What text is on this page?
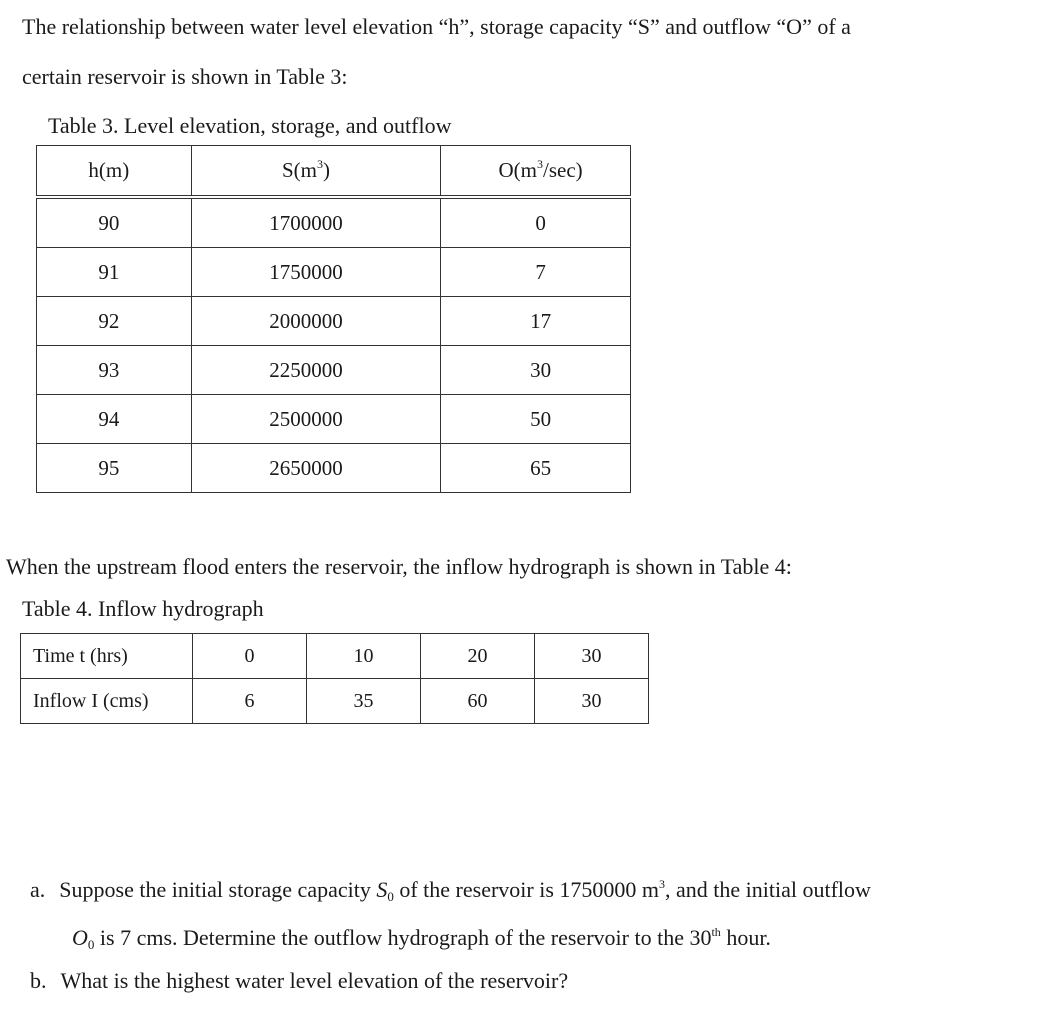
The relationship between water level elevation “h”, storage capacity “S” and outflow “O” of a
certain reservoir is shown in Table 3:
Table 3. Level elevation, storage, and outflow
h(m)	$S(m^3)$	$O(m^3/\sec)$
90	1700000	0
91	1750000	7
92	2000000	17
93	2250000	30
94	2500000	50
95	2650000	65
When the upstream flood enters the reservoir, the inflow hydrograph is shown in Table 4:
Table 4. Inflow hydrograph
Time t (hrs)	0	10	20	30
Inflow I (cms)	6	35	60	30
a. Suppose the initial storage capacity $S_0$ of the reservoir is 1750000 $m^3$, and the initial outflow
$O_0$ is 7 cms. Determine the outflow hydrograph of the reservoir to the 30th hour.
b. What is the highest water level elevation of the reservoir?
